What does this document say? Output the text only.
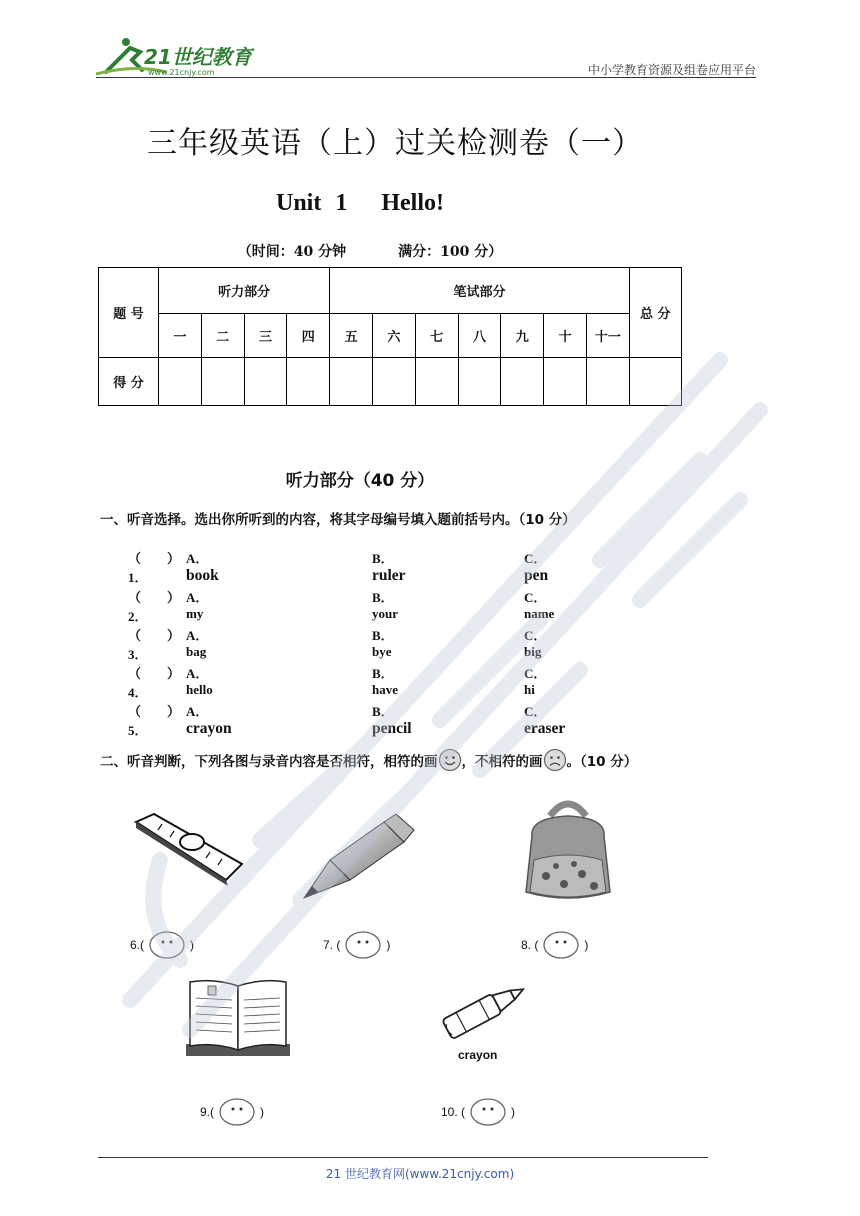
21世纪教育
www.21cnjy.com	中小学教育资源及组卷应用平台
三年级英语（上）过关检测卷（一）
Unit 1 Hello!
（时间：40 分钟	满分：100 分）
题 号	听力部分				笔试部分							总 分
	一	二	三	四	五	六	七	八	九	十	十一	
得 分												
听力部分（40 分）
一、听音选择。选出你所听到的内容，将其字母编号填入题前括号内。（10 分）
（　　）1．
A．book
B．ruler
C．pen
（　　）2．
A．my
B．your
C．name
（　　）3．
A．bag
B．bye
C．big
（　　）4．
A．hello
B．have
C．hi
（　　）5．
A．crayon
B．pencil
C．eraser
二、听音判断，下列各图与录音内容是否相符，相符的画 ，不相符的画 。（10 分）
6.(	)	7. (	)	8. (	)
9.(	)
crayon
10. (	)
21 世纪教育网(www.21cnjy.com)
